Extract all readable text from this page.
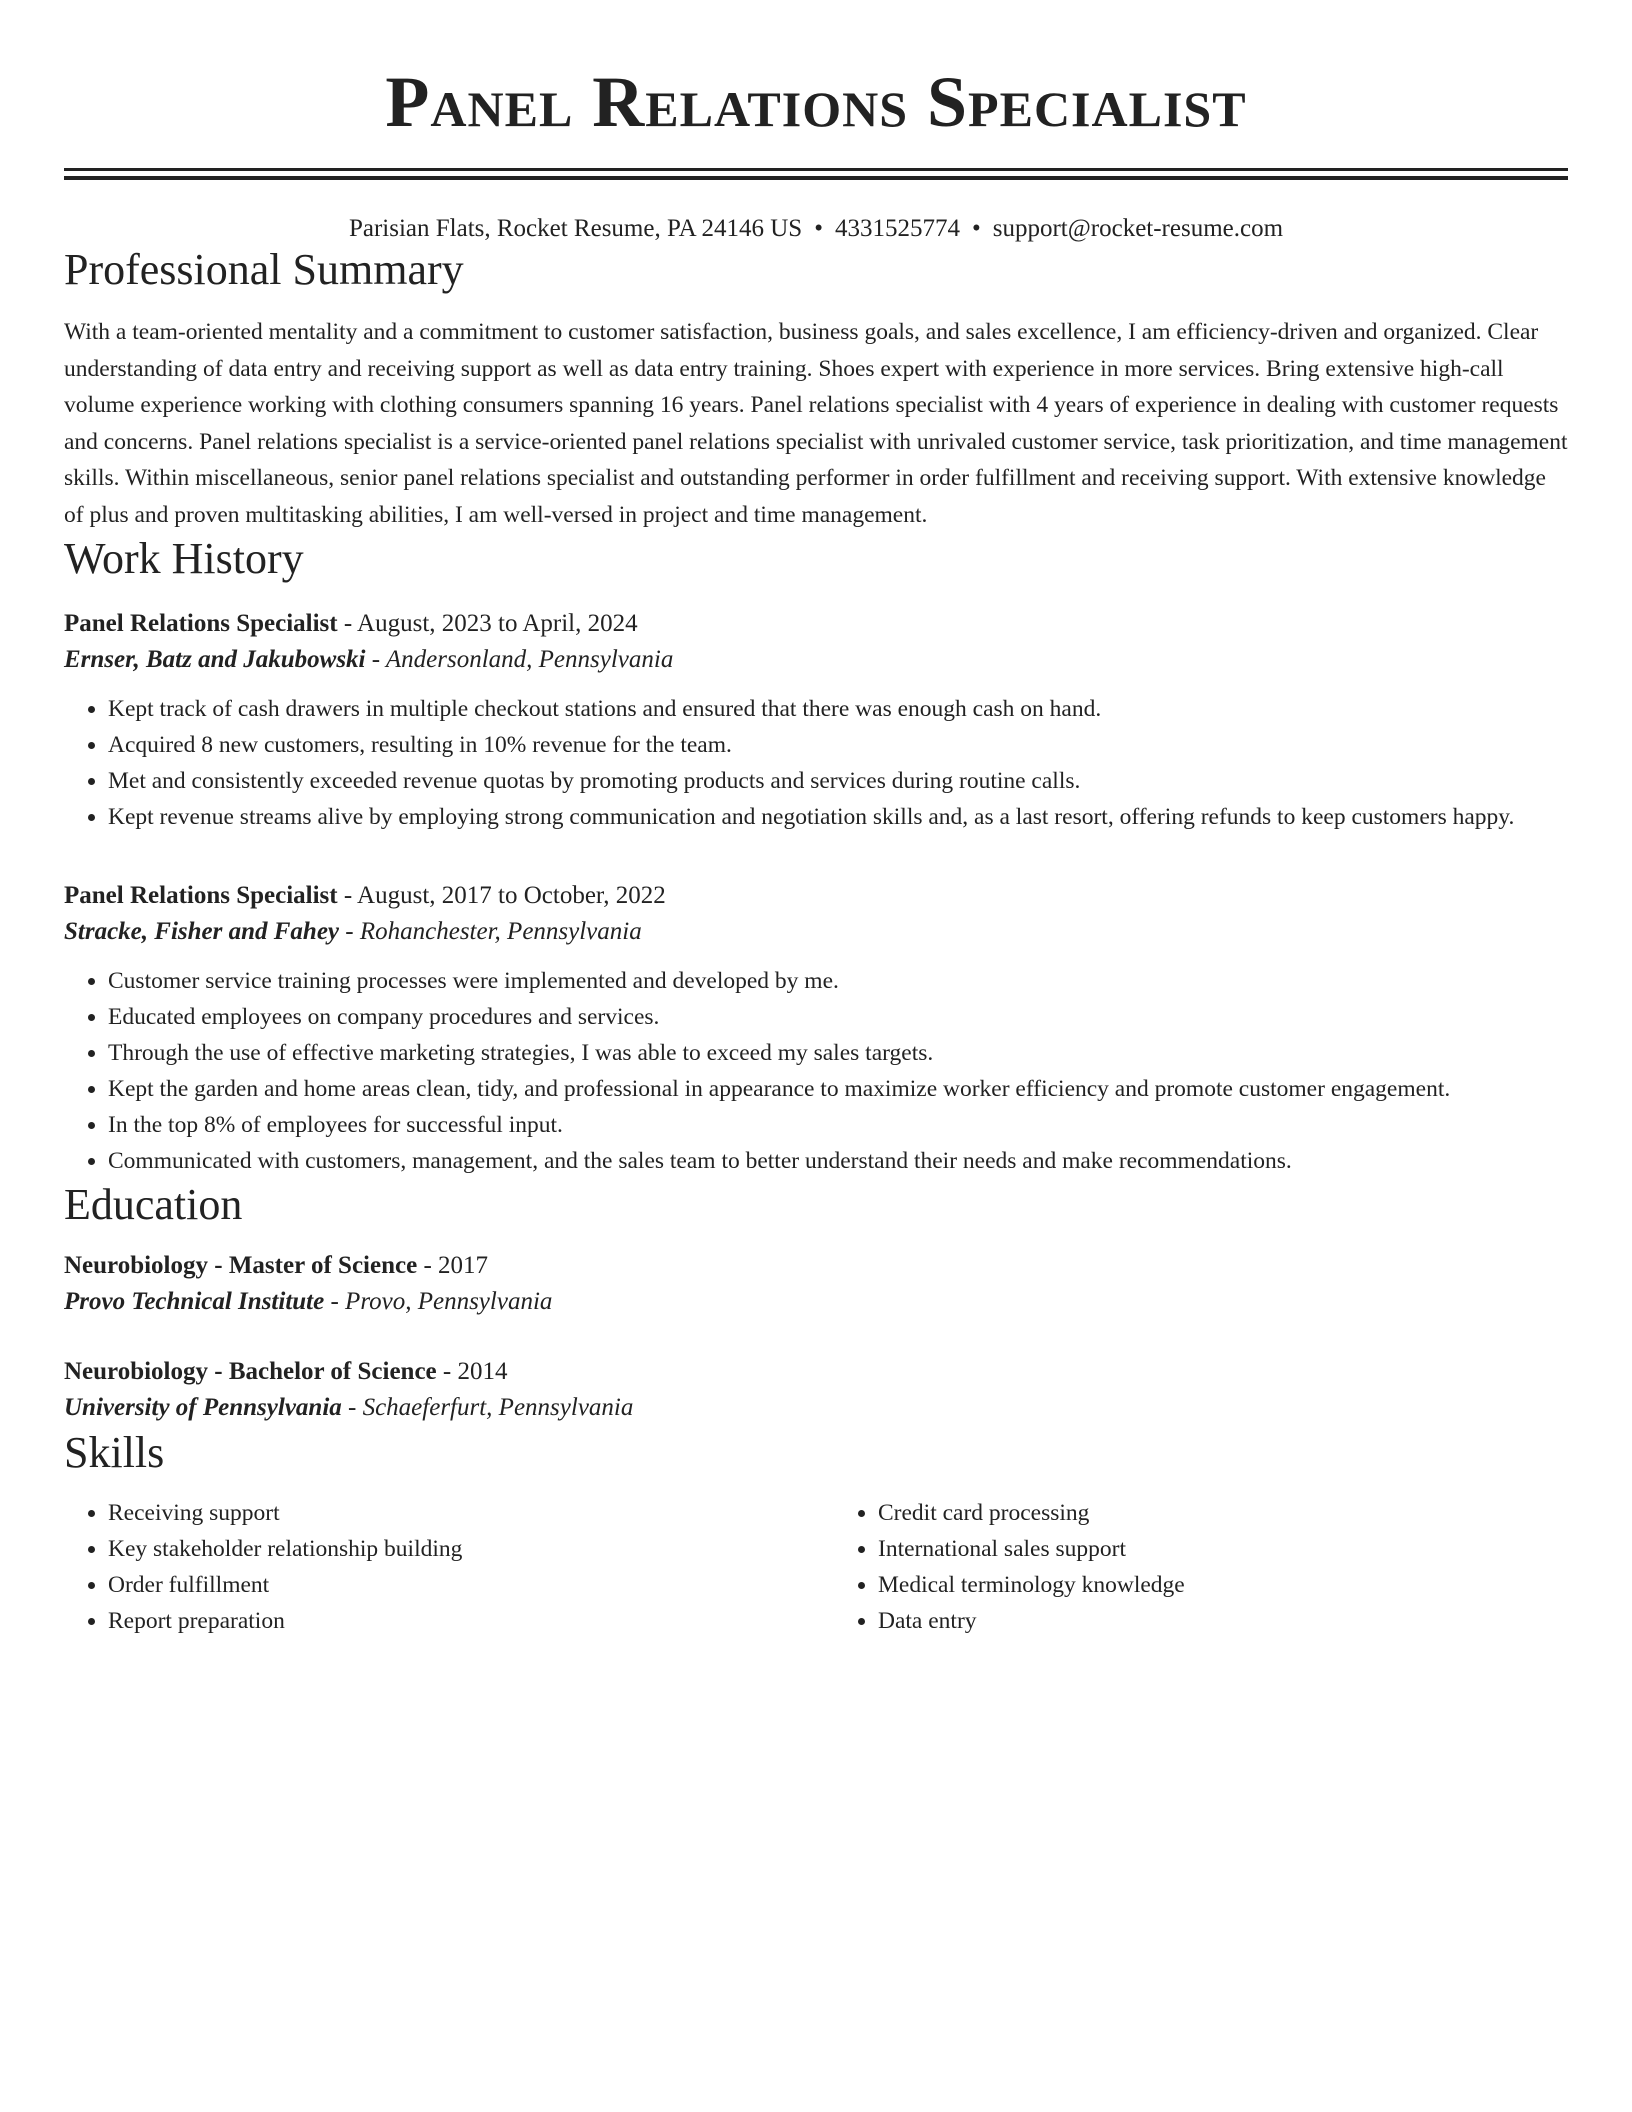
Panel Relations Specialist
Parisian Flats, Rocket Resume, PA 24146 US • 4331525774 • support@rocket-resume.com
Professional Summary
With a team-oriented mentality and a commitment to customer satisfaction, business goals, and sales excellence, I am efficiency-driven and organized. Clear understanding of data entry and receiving support as well as data entry training. Shoes expert with experience in more services. Bring extensive high-call volume experience working with clothing consumers spanning 16 years. Panel relations specialist with 4 years of experience in dealing with customer requests and concerns. Panel relations specialist is a service-oriented panel relations specialist with unrivaled customer service, task prioritization, and time management skills. Within miscellaneous, senior panel relations specialist and outstanding performer in order fulfillment and receiving support. With extensive knowledge of plus and proven multitasking abilities, I am well-versed in project and time management.
Work History
Panel Relations Specialist - August, 2023 to April, 2024
Ernser, Batz and Jakubowski - Andersonland, Pennsylvania
• Kept track of cash drawers in multiple checkout stations and ensured that there was enough cash on hand.
• Acquired 8 new customers, resulting in 10% revenue for the team.
• Met and consistently exceeded revenue quotas by promoting products and services during routine calls.
• Kept revenue streams alive by employing strong communication and negotiation skills and, as a last resort, offering refunds to keep customers happy.
Panel Relations Specialist - August, 2017 to October, 2022
Stracke, Fisher and Fahey - Rohanchester, Pennsylvania
• Customer service training processes were implemented and developed by me.
• Educated employees on company procedures and services.
• Through the use of effective marketing strategies, I was able to exceed my sales targets.
• Kept the garden and home areas clean, tidy, and professional in appearance to maximize worker efficiency and promote customer engagement.
• In the top 8% of employees for successful input.
• Communicated with customers, management, and the sales team to better understand their needs and make recommendations.
Education
Neurobiology - Master of Science - 2017
Provo Technical Institute - Provo, Pennsylvania
Neurobiology - Bachelor of Science - 2014
University of Pennsylvania - Schaeferfurt, Pennsylvania
Skills
• Receiving support
• Key stakeholder relationship building
• Order fulfillment
• Report preparation
• Credit card processing
• International sales support
• Medical terminology knowledge
• Data entry
